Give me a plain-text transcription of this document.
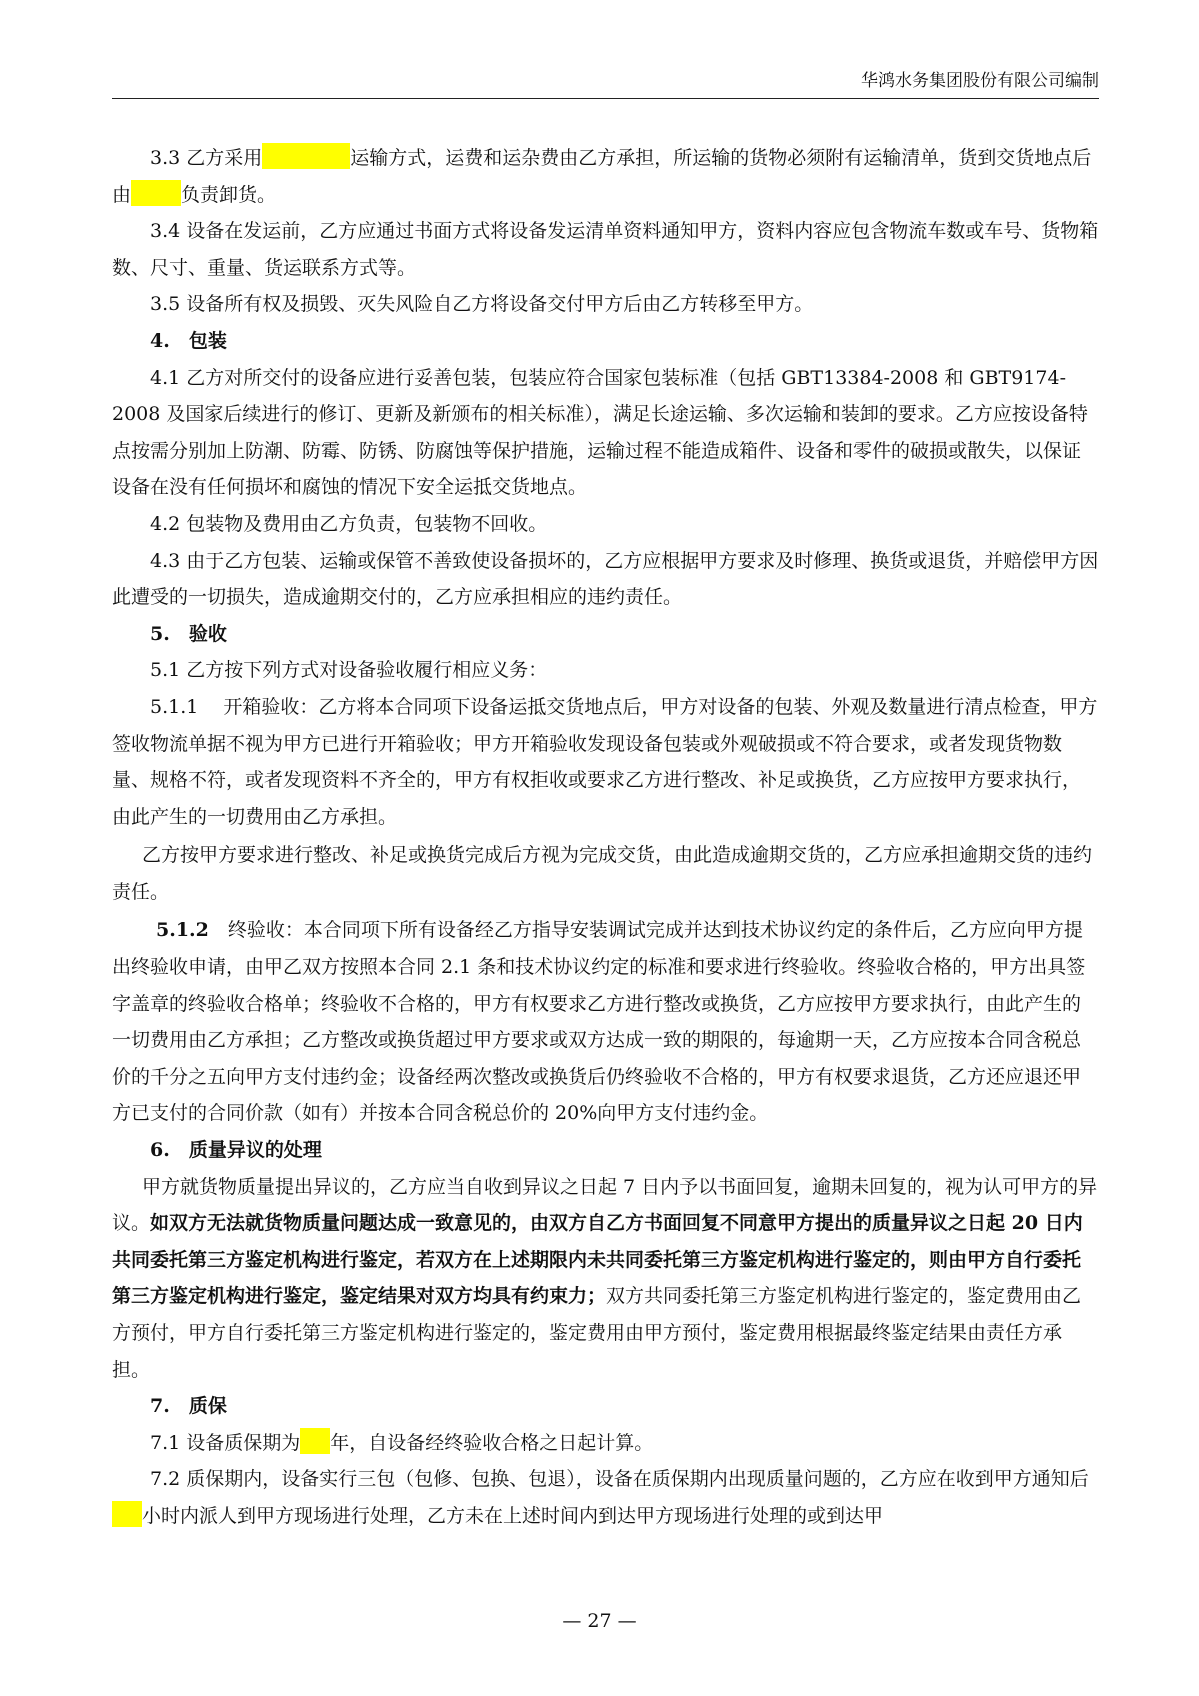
华鸿水务集团股份有限公司编制

3.3 乙方采用	运输方式，运费和运杂费由乙方承担，所运输的货物必须附有运输清单，货到交货地点后由	负责卸货。

3.4 设备在发运前，乙方应通过书面方式将设备发运清单资料通知甲方，资料内容应包含物流车数或车号、货物箱数、尺寸、重量、货运联系方式等。

3.5 设备所有权及损毁、灭失风险自乙方将设备交付甲方后由乙方转移至甲方。

4.　包装

4.1 乙方对所交付的设备应进行妥善包装，包装应符合国家包装标准（包括 GBT13384-2008 和 GBT9174-2008 及国家后续进行的修订、更新及新颁布的相关标准），满足长途运输、多次运输和装卸的要求。乙方应按设备特点按需分别加上防潮、防霉、防锈、防腐蚀等保护措施，运输过程不能造成箱件、设备和零件的破损或散失，以保证设备在没有任何损坏和腐蚀的情况下安全运抵交货地点。

4.2 包装物及费用由乙方负责，包装物不回收。

4.3 由于乙方包装、运输或保管不善致使设备损坏的，乙方应根据甲方要求及时修理、换货或退货，并赔偿甲方因此遭受的一切损失，造成逾期交付的，乙方应承担相应的违约责任。

5.　验收

5.1 乙方按下列方式对设备验收履行相应义务：

5.1.1　 开箱验收：乙方将本合同项下设备运抵交货地点后，甲方对设备的包装、外观及数量进行清点检查，甲方签收物流单据不视为甲方已进行开箱验收；甲方开箱验收发现设备包装或外观破损或不符合要求，或者发现货物数量、规格不符，或者发现资料不齐全的，甲方有权拒收或要求乙方进行整改、补足或换货，乙方应按甲方要求执行，由此产生的一切费用由乙方承担。

乙方按甲方要求进行整改、补足或换货完成后方视为完成交货，由此造成逾期交货的，乙方应承担逾期交货的违约责任。

5.1.2　 终验收：本合同项下所有设备经乙方指导安装调试完成并达到技术协议约定的条件后，乙方应向甲方提出终验收申请，由甲乙双方按照本合同 2.1 条和技术协议约定的标准和要求进行终验收。终验收合格的，甲方出具签字盖章的终验收合格单；终验收不合格的，甲方有权要求乙方进行整改或换货，乙方应按甲方要求执行，由此产生的一切费用由乙方承担；乙方整改或换货超过甲方要求或双方达成一致的期限的，每逾期一天，乙方应按本合同含税总价的千分之五向甲方支付违约金；设备经两次整改或换货后仍终验收不合格的，甲方有权要求退货，乙方还应退还甲方已支付的合同价款（如有）并按本合同含税总价的 20%向甲方支付违约金。

6.　质量异议的处理

甲方就货物质量提出异议的，乙方应当自收到异议之日起 7 日内予以书面回复，逾期未回复的，视为认可甲方的异议。如双方无法就货物质量问题达成一致意见的，由双方自乙方书面回复不同意甲方提出的质量异议之日起 20 日内共同委托第三方鉴定机构进行鉴定，若双方在上述期限内未共同委托第三方鉴定机构进行鉴定的，则由甲方自行委托第三方鉴定机构进行鉴定，鉴定结果对双方均具有约束力；双方共同委托第三方鉴定机构进行鉴定的，鉴定费用由乙方预付，甲方自行委托第三方鉴定机构进行鉴定的，鉴定费用由甲方预付，鉴定费用根据最终鉴定结果由责任方承担。

7.　质保

7.1 设备质保期为 年，自设备经终验收合格之日起计算。

7.2 质保期内，设备实行三包（包修、包换、包退），设备在质保期内出现质量问题的，乙方应在收到甲方通知后小时内派人到甲方现场进行处理，乙方未在上述时间内到达甲方现场进行处理的或到达甲

— 27 —
